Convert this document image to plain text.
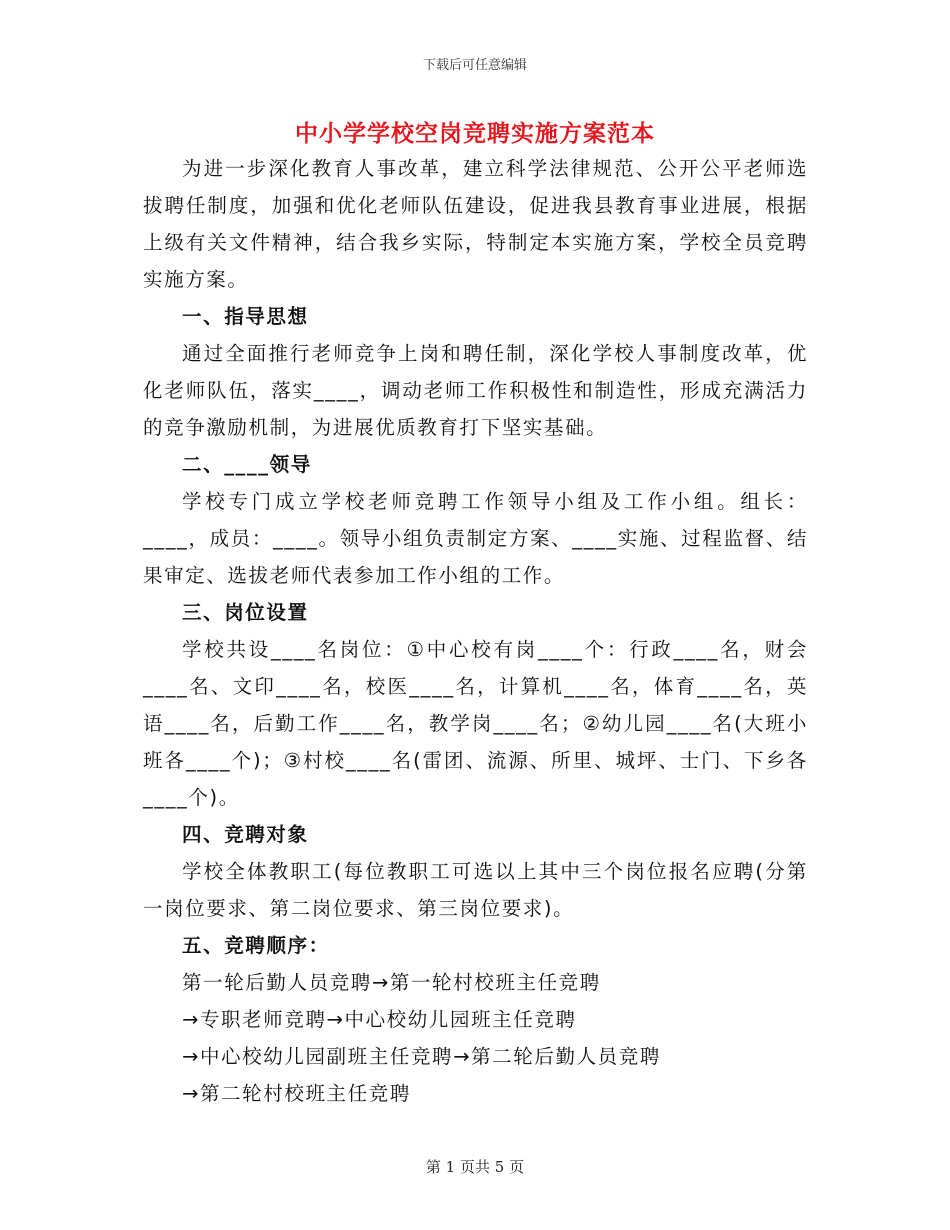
下载后可任意编辑
中小学学校空岗竞聘实施方案范本

为进一步深化教育人事改革，建立科学法律规范、公开公平老师选拔聘任制度，加强和优化老师队伍建设，促进我县教育事业进展，根据上级有关文件精神，结合我乡实际，特制定本实施方案，学校全员竞聘实施方案。

一、指导思想

通过全面推行老师竞争上岗和聘任制，深化学校人事制度改革，优化老师队伍，落实____，调动老师工作积极性和制造性，形成充满活力的竞争激励机制，为进展优质教育打下坚实基础。

二、____领导

学校专门成立学校老师竞聘工作领导小组及工作小组。组长：____，成员：____。领导小组负责制定方案、____实施、过程监督、结果审定、选拔老师代表参加工作小组的工作。

三、岗位设置

学校共设____名岗位：①中心校有岗____个：行政____名，财会____名、文印____名，校医____名，计算机____名，体育____名，英语____名，后勤工作____名，教学岗____名；②幼儿园____名(大班小班各____个)；③村校____名(雷团、流源、所里、城坪、士门、下乡各____个)。

四、竞聘对象

学校全体教职工(每位教职工可选以上其中三个岗位报名应聘(分第一岗位要求、第二岗位要求、第三岗位要求)。

五、竞聘顺序：

第一轮后勤人员竞聘→第一轮村校班主任竞聘

→专职老师竞聘→中心校幼儿园班主任竞聘

→中心校幼儿园副班主任竞聘→第二轮后勤人员竞聘

→第二轮村校班主任竞聘

第 1 页共 5 页
